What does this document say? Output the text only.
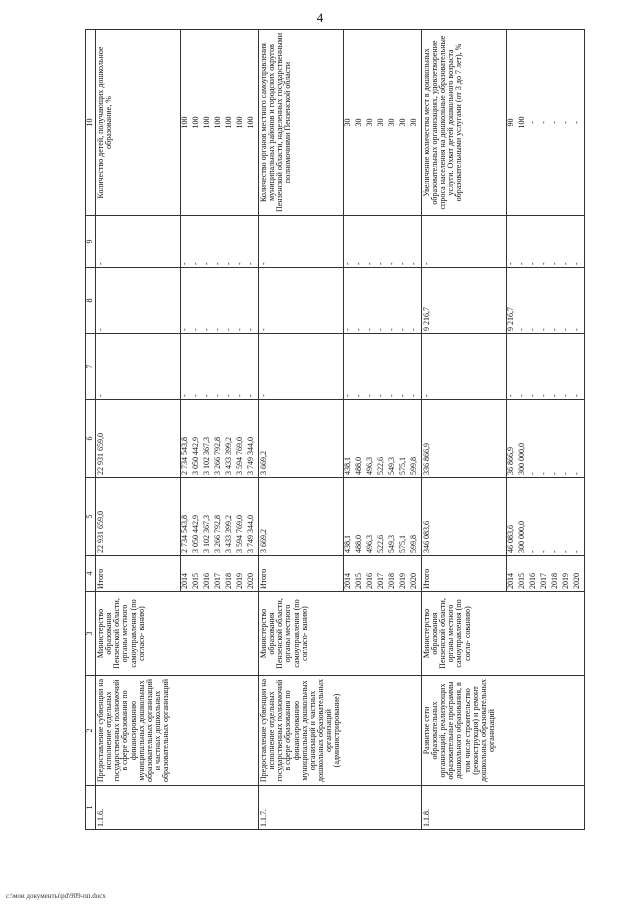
4
1	2	3	4	5	6	7	8	9	10
1.1.6.	Предоставление субвенции на исполнение отдельных государственных полномочий в сфере образования по финансированию муниципальных дошкольных образовательных организаций и частных дошкольных образовательных организаций	Министерство образования Пензенской области, органы местного самоуправления (по согласо- ванию)	Итого	22 931 659,0	22 931 659,0	-	-	-	Количество детей, получающих дошкольное образование, %
			2014	2 734 543,8	2 734 543,8	-	-	-	100
			2015	3 050 442,9	3 050 442,9	-	-	-	100
			2016	3 102 367,3	3 102 367,3	-	-	-	100
			2017	3 266 792,8	3 266 792,8	-	-	-	100
			2018	3 433 399,2	3 433 399,2	-	-	-	100
			2019	3 594 769,0	3 594 769,0	-	-	-	100
			2020	3 749 344,0	3 749 344,0	-	-	-	100
1.1.7.	Предоставление субвенции на исполнение отдельных государственных полномочий в сфере образования по финансированию муниципальных дошкольных организаций и частных дошкольных образовательных организаций (администрирование)	Министерство образования Пензенской области, органы местного самоуправления (по согласо- ванию)	Итого	3 669,2	3 669,2	-	-	-	Количество органов местного самоуправления муниципальных районов и городских округов Пензенской области, наделенных государственными полномочиями Пензенской области
			2014	438,1	438,1	-	-	-	30
			2015	488,0	488,0	-	-	-	30
			2016	496,3	496,3	-	-	-	30
			2017	522,6	522,6	-	-	-	30
			2018	549,3	549,3	-	-	-	30
			2019	575,1	575,1	-	-	-	30
			2020	599,8	599,8	-	-	-	30
1.1.8.	Развитие сети образовательных организаций, реализующих образовательные программы дошкольного образования, в том числе строительство (реконструкция) и ремонт дошкольных образовательных организаций	Министерство образования Пензенской области, органы местного самоуправления (по согла- сованию)	Итого	346 083,6	336 866,9	-	9 216,7	-	Увеличение количества мест в дошкольных образовательных организациях, удовлетворение спроса населения на дошкольные образовательные услуги. Охват детей дошкольного возраста образовательными услугами (от 3 до 7 лет), %
			2014	46 083,6	36 866,9	-	9 216,7	-	90
			2015	300 000,0	300 000,0	-	-	-	100
			2016	-	-	-	-	-	-
			2017	-	-	-	-	-	-
			2018	-	-	-	-	-	-
			2019	-	-	-	-	-	-
			2020	-	-	-	-	-	-
c:\мои документы\pd\909-пп.docx
